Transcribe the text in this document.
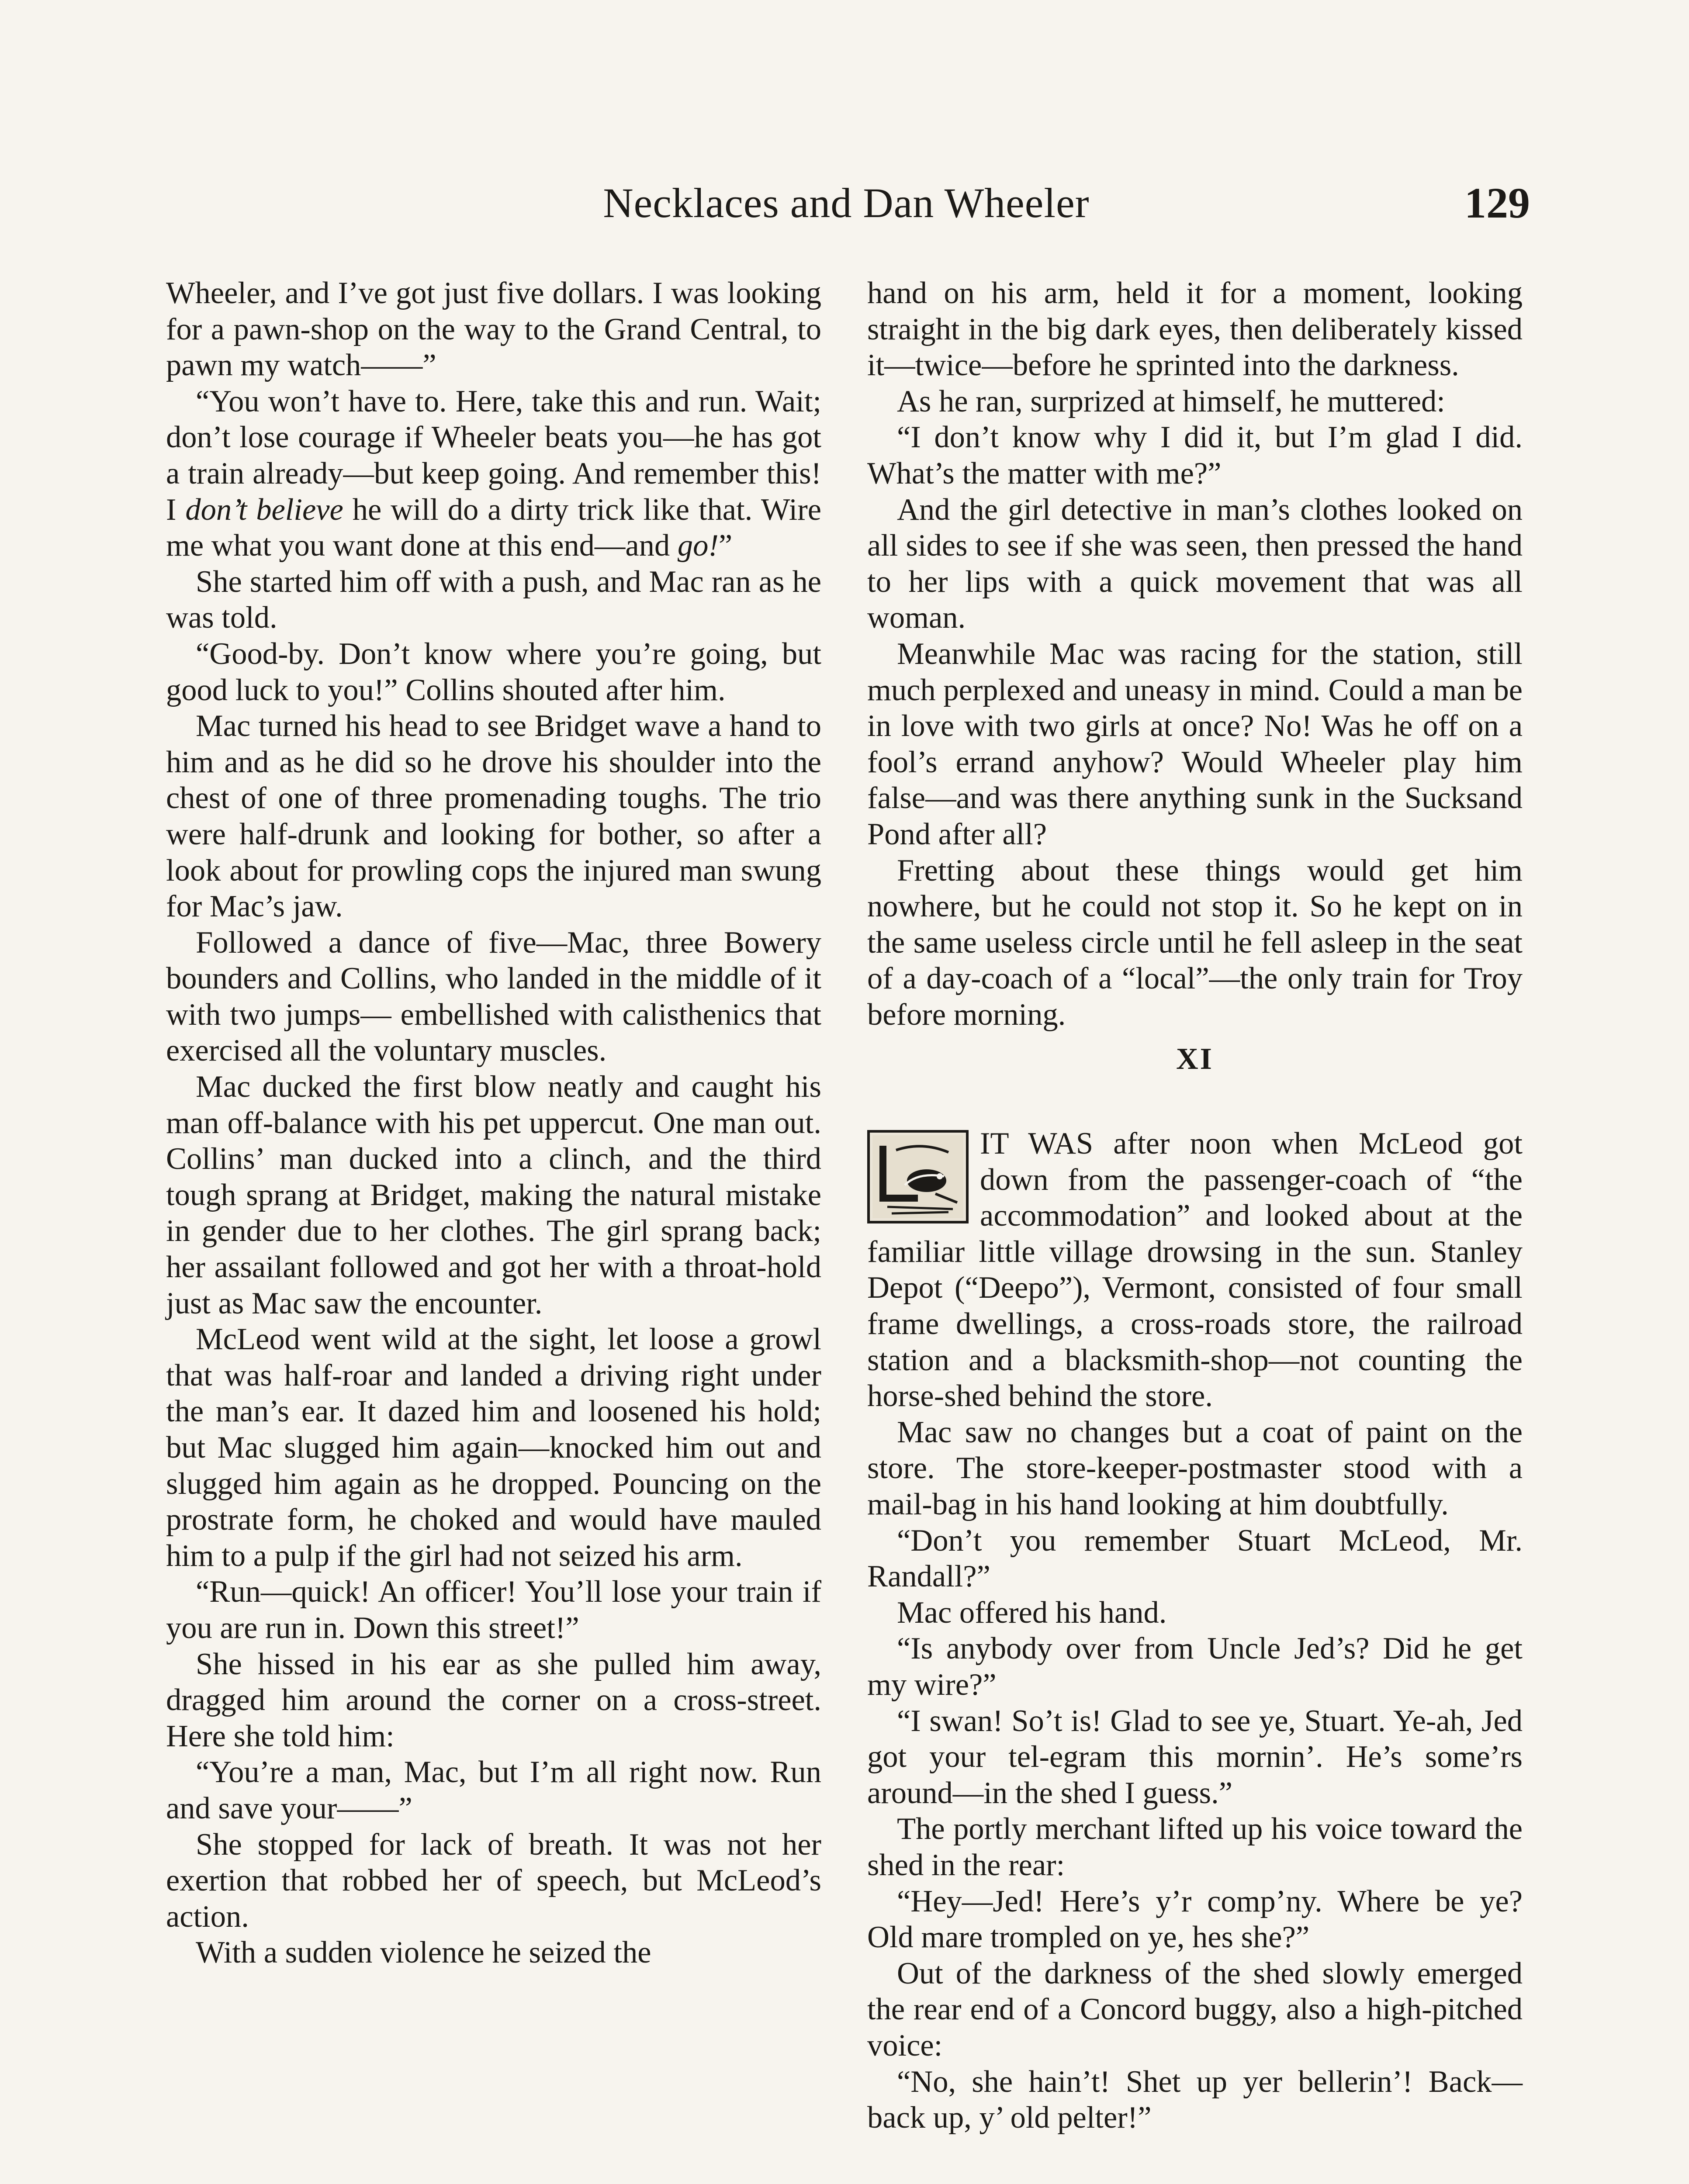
Necklaces and Dan Wheeler	129

Wheeler, and I’ve got just five dollars. I was looking for a pawn-shop on the way to the Grand Central, to pawn my watch——”

“You won’t have to. Here, take this and run. Wait; don’t lose courage if Wheeler beats you—he has got a train already—but keep going. And remember this! I don’t believe he will do a dirty trick like that. Wire me what you want done at this end—and go!”

She started him off with a push, and Mac ran as he was told.

“Good-by. Don’t know where you’re going, but good luck to you!” Collins shouted after him.

Mac turned his head to see Bridget wave a hand to him and as he did so he drove his shoulder into the chest of one of three promenading toughs. The trio were half-drunk and looking for bother, so after a look about for prowling cops the injured man swung for Mac’s jaw.

Followed a dance of five—Mac, three Bowery bounders and Collins, who landed in the middle of it with two jumps— embellished with calisthenics that exercised all the voluntary muscles.

Mac ducked the first blow neatly and caught his man off-balance with his pet uppercut. One man out. Collins’ man ducked into a clinch, and the third tough sprang at Bridget, making the natural mistake in gender due to her clothes. The girl sprang back; her assailant followed and got her with a throat-hold just as Mac saw the encounter.

McLeod went wild at the sight, let loose a growl that was half-roar and landed a driving right under the man’s ear. It dazed him and loosened his hold; but Mac slugged him again—knocked him out and slugged him again as he dropped. Pouncing on the prostrate form, he choked and would have mauled him to a pulp if the girl had not seized his arm.

“Run—quick! An officer! You’ll lose your train if you are run in. Down this street!”

She hissed in his ear as she pulled him away, dragged him around the corner on a cross-street. Here she told him:

“You’re a man, Mac, but I’m all right now. Run and save your——”

She stopped for lack of breath. It was not her exertion that robbed her of speech, but McLeod’s action.

With a sudden violence he seized the

hand on his arm, held it for a moment, looking straight in the big dark eyes, then deliberately kissed it—twice—before he sprinted into the darkness.

As he ran, surprized at himself, he muttered:

“I don’t know why I did it, but I’m glad I did. What’s the matter with me?”

And the girl detective in man’s clothes looked on all sides to see if she was seen, then pressed the hand to her lips with a quick movement that was all woman.

Meanwhile Mac was racing for the station, still much perplexed and uneasy in mind. Could a man be in love with two girls at once? No! Was he off on a fool’s errand anyhow? Would Wheeler play him false—and was there anything sunk in the Sucksand Pond after all?

Fretting about these things would get him nowhere, but he could not stop it. So he kept on in the same useless circle until he fell asleep in the seat of a day-coach of a “local”—the only train for Troy before morning.

XI

IT WAS after noon when McLeod got down from the passenger-coach of “the accommodation” and looked about at the familiar little village drowsing in the sun. Stanley Depot (“Deepo”), Vermont, consisted of four small frame dwellings, a cross-roads store, the railroad station and a blacksmith-shop—not counting the horse-shed behind the store.

Mac saw no changes but a coat of paint on the store. The store-keeper-postmaster stood with a mail-bag in his hand looking at him doubtfully.

“Don’t you remember Stuart McLeod, Mr. Randall?”

Mac offered his hand.

“Is anybody over from Uncle Jed’s? Did he get my wire?”

“I swan! So’t is! Glad to see ye, Stuart. Ye-ah, Jed got your tel-egram this mornin’. He’s some’rs around—in the shed I guess.”

The portly merchant lifted up his voice toward the shed in the rear:

“Hey—Jed! Here’s y’r comp’ny. Where be ye? Old mare trompled on ye, hes she?”

Out of the darkness of the shed slowly emerged the rear end of a Concord buggy, also a high-pitched voice:

“No, she hain’t! Shet up yer bellerin’! Back—back up, y’ old pelter!”
